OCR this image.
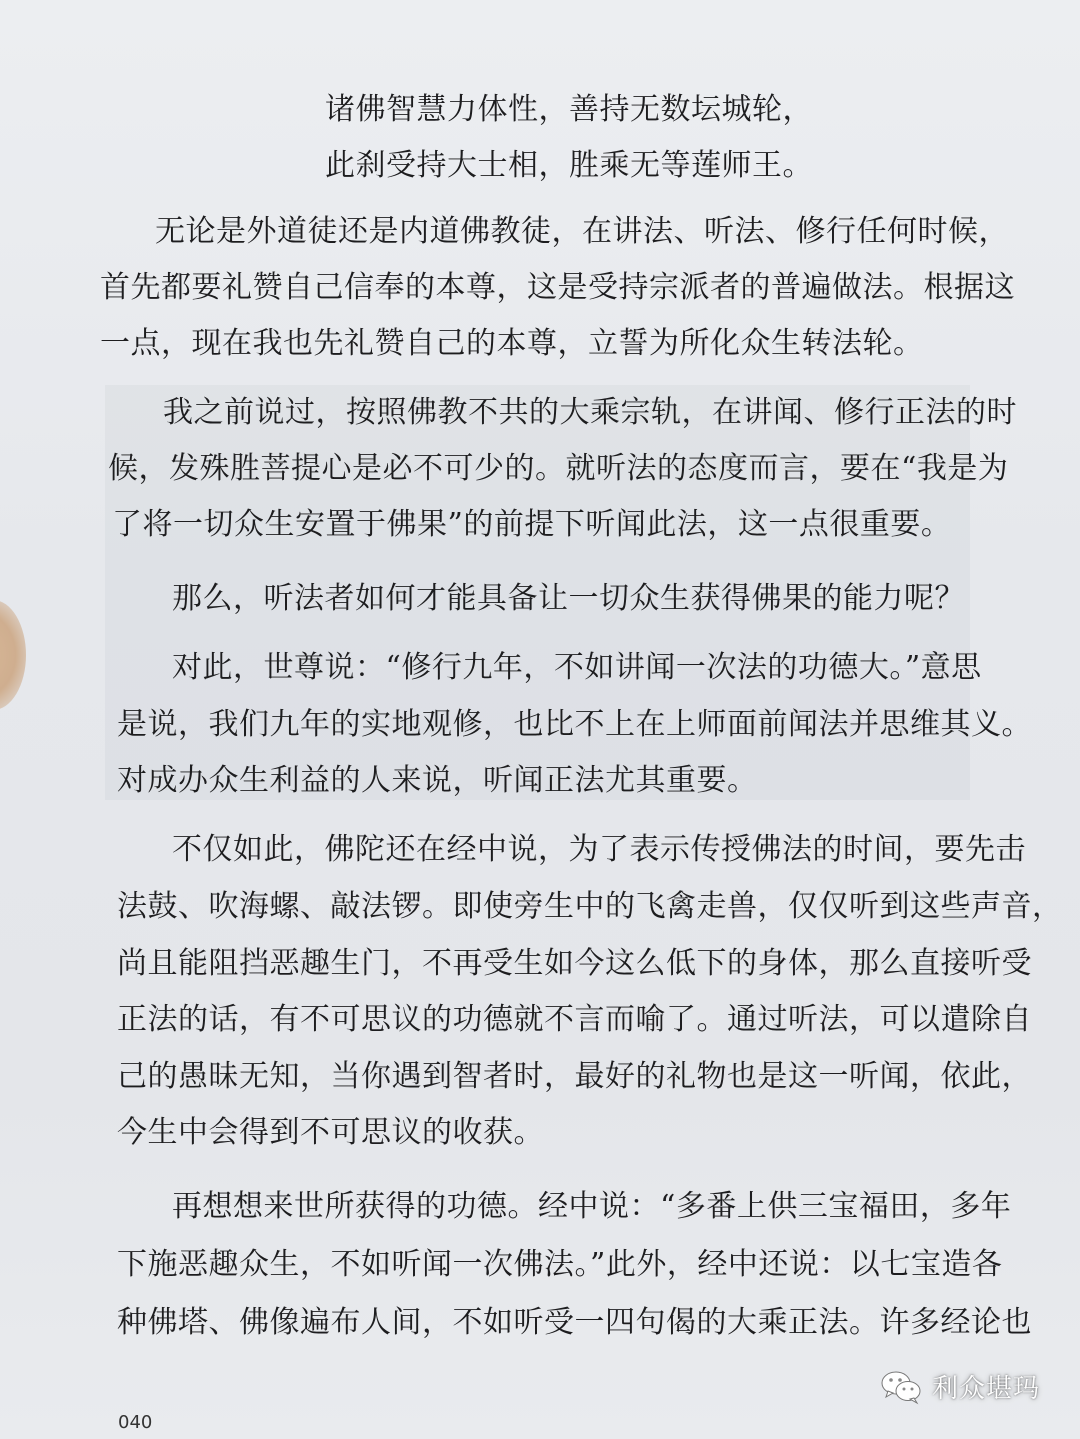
诸佛智慧力体性，善持无数坛城轮，
此刹受持大士相，胜乘无等莲师王。
无论是外道徒还是内道佛教徒，在讲法、听法、修行任何时候，
首先都要礼赞自己信奉的本尊，这是受持宗派者的普遍做法。根据这
一点，现在我也先礼赞自己的本尊，立誓为所化众生转法轮。
我之前说过，按照佛教不共的大乘宗轨，在讲闻、修行正法的时
候，发殊胜菩提心是必不可少的。就听法的态度而言，要在“我是为
了将一切众生安置于佛果”的前提下听闻此法，这一点很重要。
那么，听法者如何才能具备让一切众生获得佛果的能力呢？
对此，世尊说：“修行九年，不如讲闻一次法的功德大。”意思
是说，我们九年的实地观修，也比不上在上师面前闻法并思维其义。
对成办众生利益的人来说，听闻正法尤其重要。
不仅如此，佛陀还在经中说，为了表示传授佛法的时间，要先击
法鼓、吹海螺、敲法锣。即使旁生中的飞禽走兽，仅仅听到这些声音，
尚且能阻挡恶趣生门，不再受生如今这么低下的身体，那么直接听受
正法的话，有不可思议的功德就不言而喻了。通过听法，可以遣除自
己的愚昧无知，当你遇到智者时，最好的礼物也是这一听闻，依此，
今生中会得到不可思议的收获。
再想想来世所获得的功德。经中说：“多番上供三宝福田，多年
下施恶趣众生，不如听闻一次佛法。”此外，经中还说：以七宝造各
种佛塔、佛像遍布人间，不如听受一四句偈的大乘正法。许多经论也
040
利众堪玛
